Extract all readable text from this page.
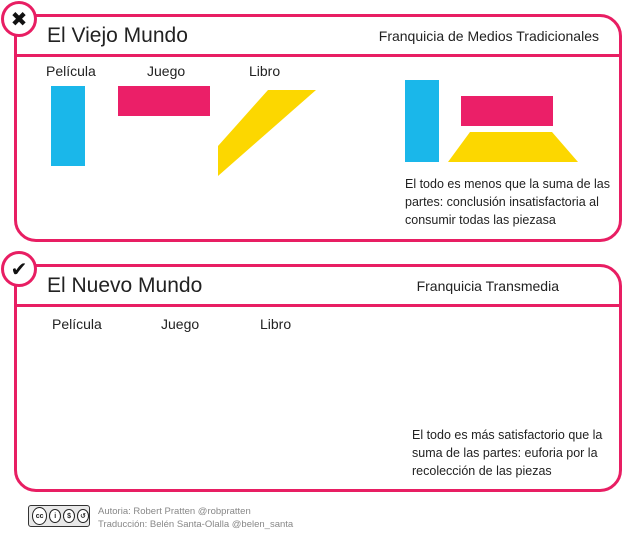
El Viejo Mundo	Franquicia de Medios Tradicionales
✖
Película	Juego	Libro
El todo es menos que la suma de las partes: conclusión insatisfactoria al consumir todas las piezasa
El Nuevo Mundo	Franquicia Transmedia
✔
Película	Juego	Libro
El todo es más satisfactorio que la suma de las partes: euforia por la recolección de las piezas
cc	i	$	↺	Autoria: Robert Pratten @robpratten
Traducción: Belén Santa-Olalla @belen_santa
